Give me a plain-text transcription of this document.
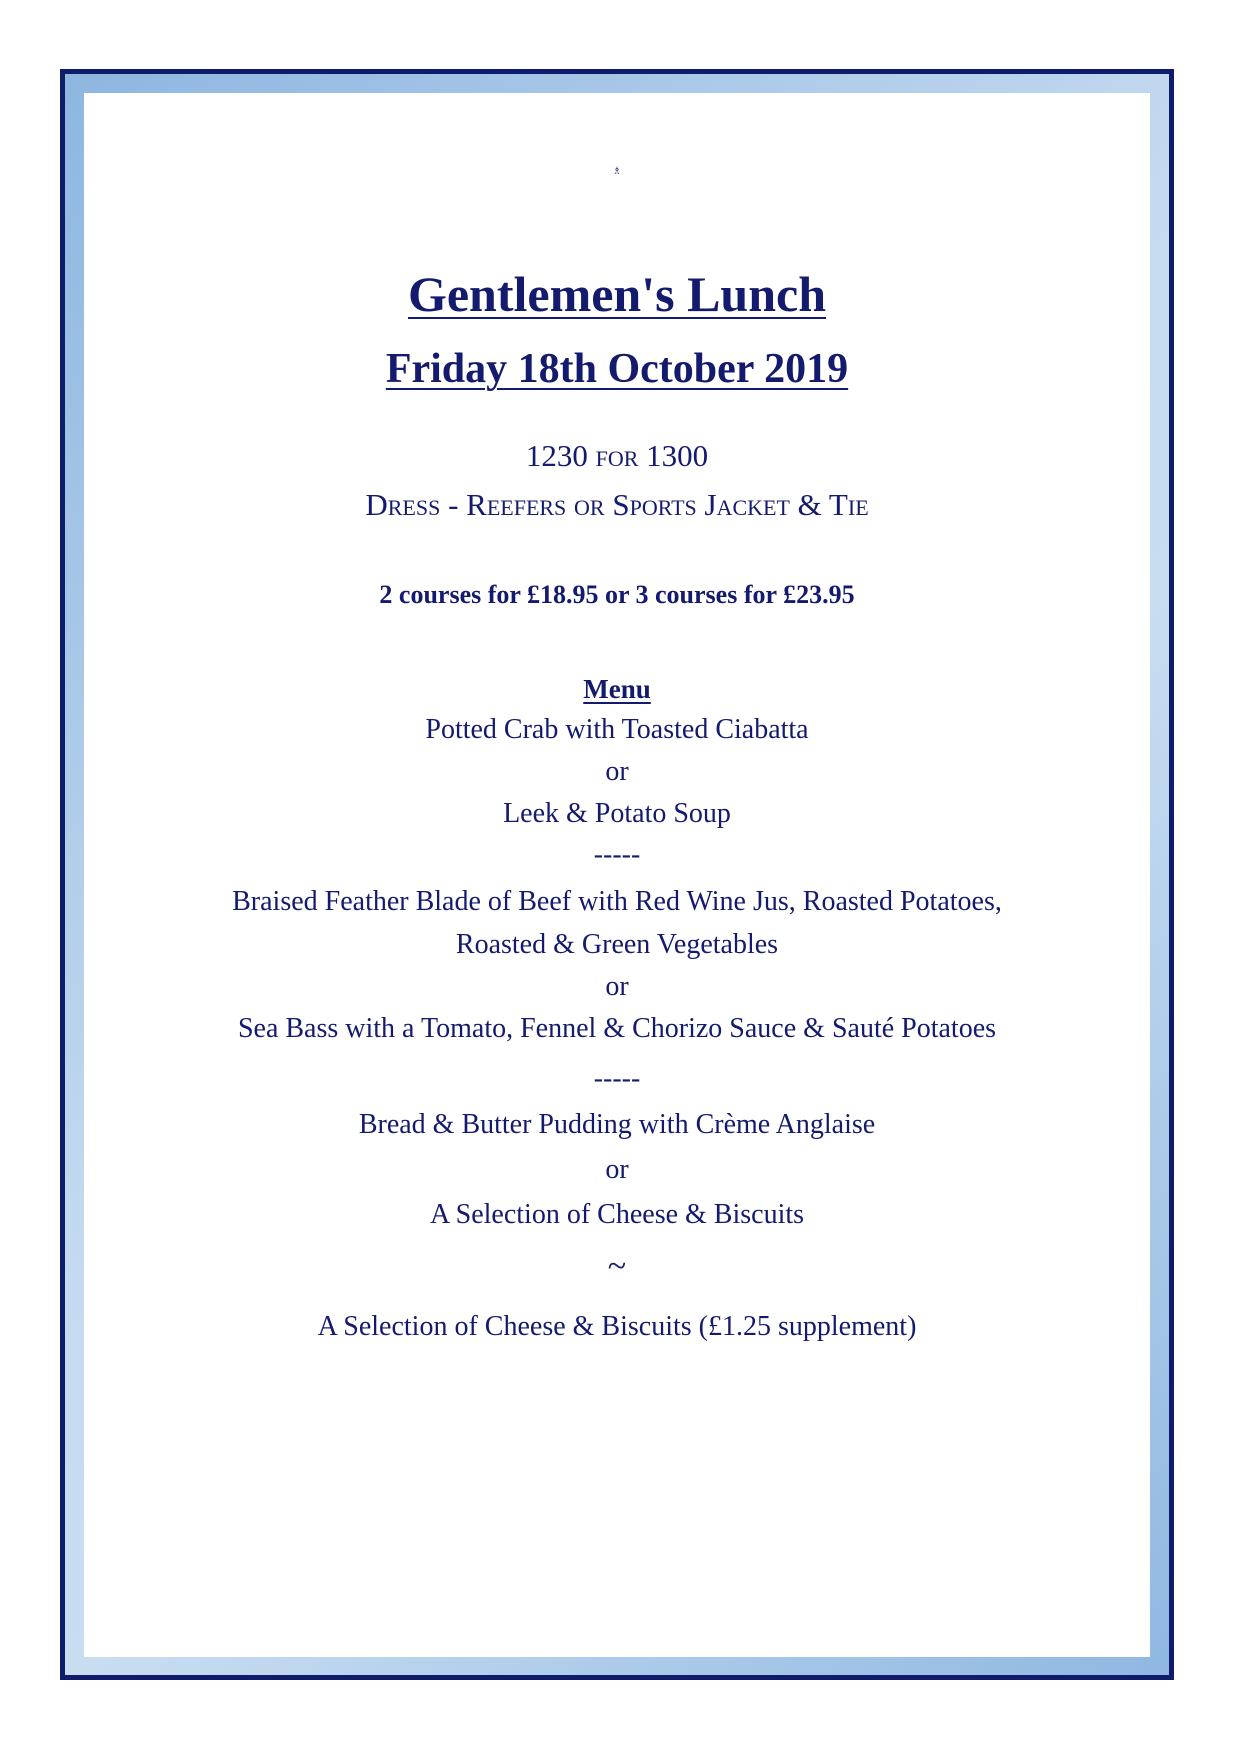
♗
Gentlemen's Lunch
Friday 18th October 2019
1230 for 1300
Dress - Reefers or Sports Jacket & Tie
2 courses for £18.95 or 3 courses for £23.95
Menu
Potted Crab with Toasted Ciabatta
or
Leek & Potato Soup
-----
Braised Feather Blade of Beef with Red Wine Jus, Roasted Potatoes,
Roasted & Green Vegetables
or
Sea Bass with a Tomato, Fennel & Chorizo Sauce & Sauté Potatoes
-----
Bread & Butter Pudding with Crème Anglaise
or
A Selection of Cheese & Biscuits
~
A Selection of Cheese & Biscuits (£1.25 supplement)
